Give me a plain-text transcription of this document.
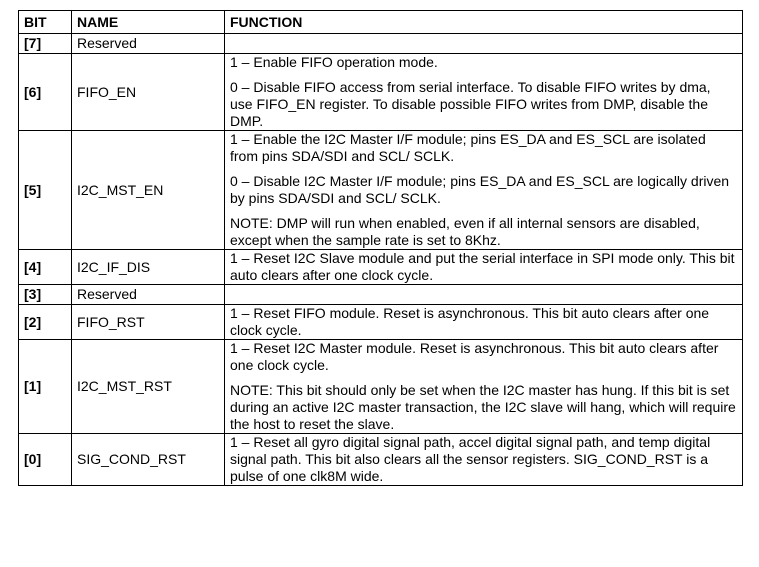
BIT	NAME	FUNCTION
[7]	Reserved	
[6]	FIFO_EN	1 – Enable FIFO operation mode.

0 – Disable FIFO access from serial interface. To disable FIFO writes by dma, use FIFO_EN register. To disable possible FIFO writes from DMP, disable the DMP.

[5]	I2C_MST_EN	1 – Enable the I2C Master I/F module; pins ES_DA and ES_SCL are isolated from pins SDA/SDI and SCL/ SCLK.

0 – Disable I2C Master I/F module; pins ES_DA and ES_SCL are logically driven by pins SDA/SDI and SCL/ SCLK.

NOTE: DMP will run when enabled, even if all internal sensors are disabled, except when the sample rate is set to 8Khz.

[4]	I2C_IF_DIS	1 – Reset I2C Slave module and put the serial interface in SPI mode only. This bit auto clears after one clock cycle.

[3]	Reserved	
[2]	FIFO_RST	1 – Reset FIFO module. Reset is asynchronous. This bit auto clears after one clock cycle.

[1]	I2C_MST_RST	1 – Reset I2C Master module. Reset is asynchronous. This bit auto clears after one clock cycle.

NOTE: This bit should only be set when the I2C master has hung. If this bit is set during an active I2C master transaction, the I2C slave will hang, which will require the host to reset the slave.

[0]	SIG_COND_RST	1 – Reset all gyro digital signal path, accel digital signal path, and temp digital signal path. This bit also clears all the sensor registers. SIG_COND_RST is a pulse of one clk8M wide.
